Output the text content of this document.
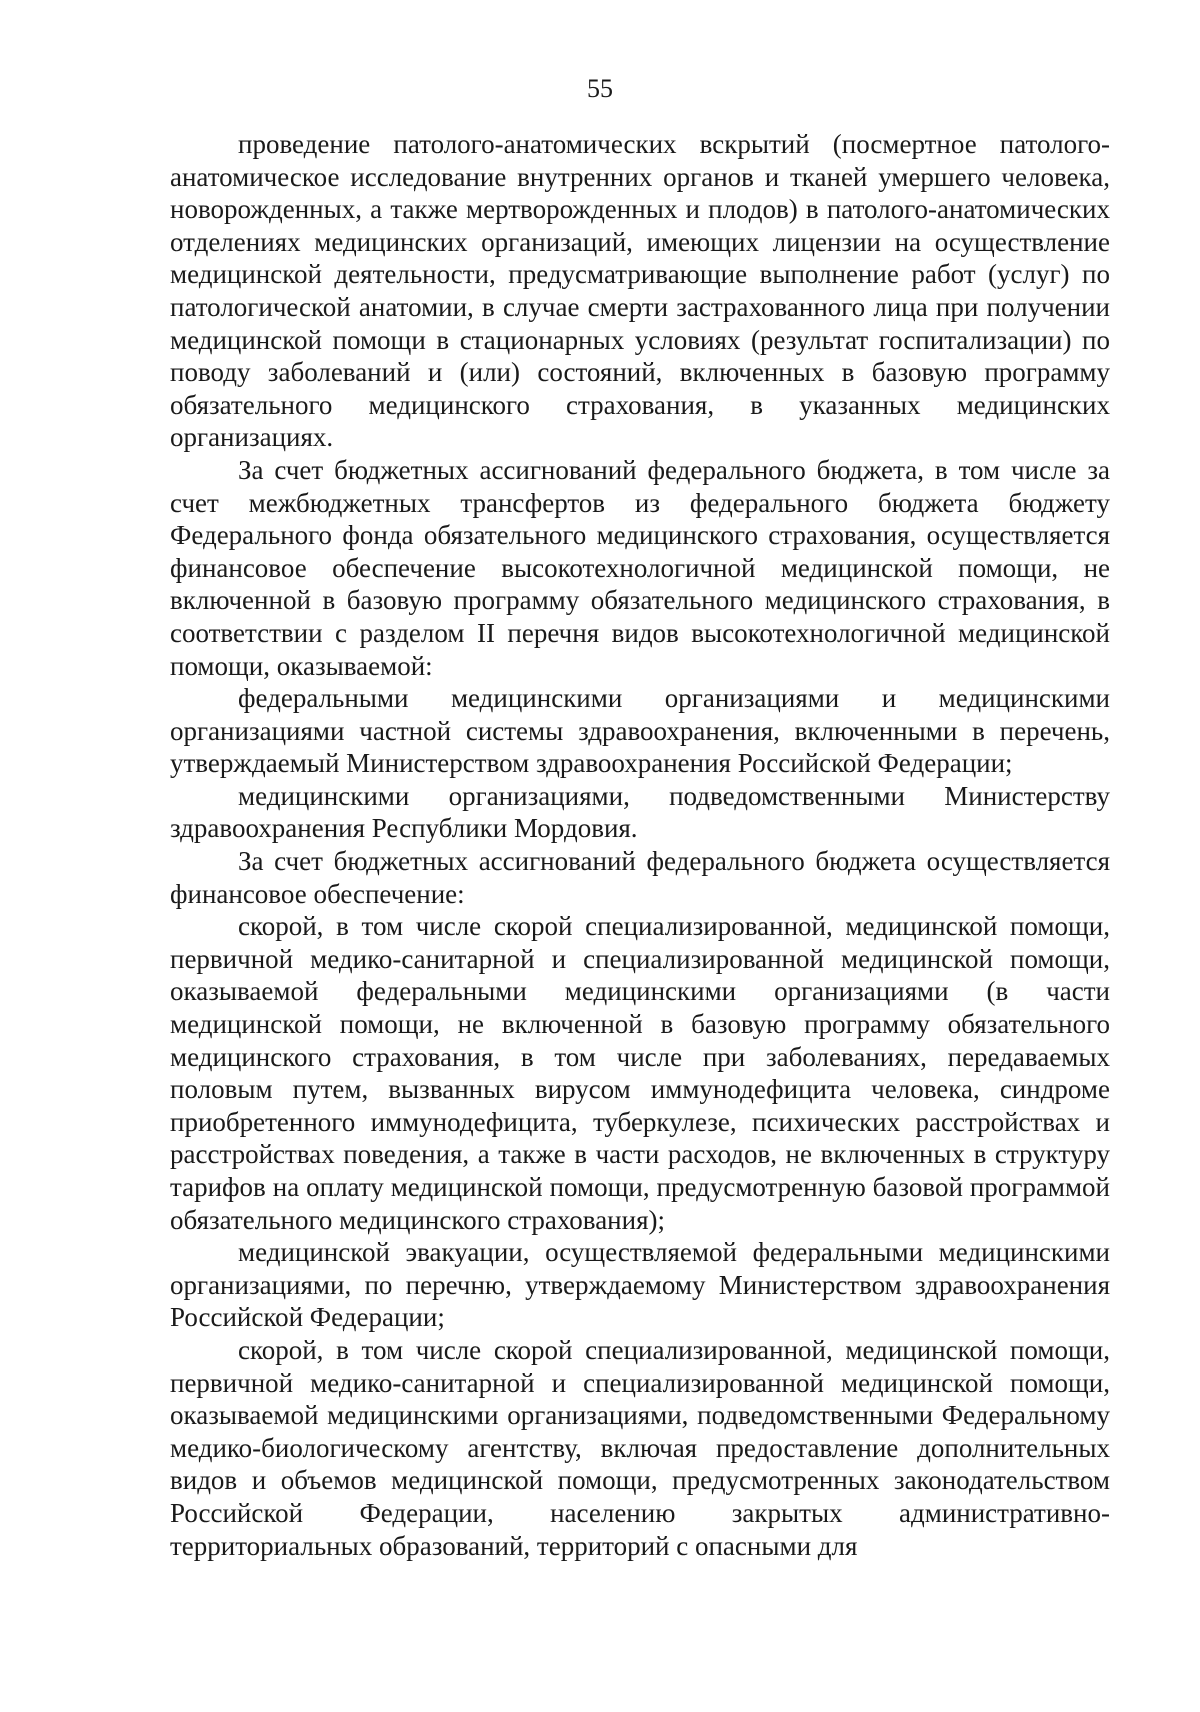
55

проведение патолого-анатомических вскрытий (посмертное патолого-анатомическое исследование внутренних органов и тканей умершего человека, новорожденных, а также мертворожденных и плодов) в патолого-анатомических отделениях медицинских организаций, имеющих лицензии на осуществление медицинской деятельности, предусматривающие выполнение работ (услуг) по патологической анатомии, в случае смерти застрахованного лица при получении медицинской помощи в стационарных условиях (результат госпитализации) по поводу заболеваний и (или) состояний, включенных в базовую программу обязательного медицинского страхования, в указанных медицинских организациях.

За счет бюджетных ассигнований федерального бюджета, в том числе за счет межбюджетных трансфертов из федерального бюджета бюджету Федерального фонда обязательного медицинского страхования, осуществляется финансовое обеспечение высокотехнологичной медицинской помощи, не включенной в базовую программу обязательного медицинского страхования, в соответствии с разделом II перечня видов высокотехнологичной медицинской помощи, оказываемой:

федеральными медицинскими организациями и медицинскими организациями частной системы здравоохранения, включенными в перечень, утверждаемый Министерством здравоохранения Российской Федерации;

медицинскими организациями, подведомственными Министерству здравоохранения Республики Мордовия.

За счет бюджетных ассигнований федерального бюджета осуществляется финансовое обеспечение:

скорой, в том числе скорой специализированной, медицинской помощи, первичной медико-санитарной и специализированной медицинской помощи, оказываемой федеральными медицинскими организациями (в части медицинской помощи, не включенной в базовую программу обязательного медицинского страхования, в том числе при заболеваниях, передаваемых половым путем, вызванных вирусом иммунодефицита человека, синдроме приобретенного иммунодефицита, туберкулезе, психических расстройствах и расстройствах поведения, а также в части расходов, не включенных в структуру тарифов на оплату медицинской помощи, предусмотренную базовой программой обязательного медицинского страхования);

медицинской эвакуации, осуществляемой федеральными медицинскими организациями, по перечню, утверждаемому Министерством здравоохранения Российской Федерации;

скорой, в том числе скорой специализированной, медицинской помощи, первичной медико-санитарной и специализированной медицинской помощи, оказываемой медицинскими организациями, подведомственными Федеральному медико-биологическому агентству, включая предоставление дополнительных видов и объемов медицинской помощи, предусмотренных законодательством Российской Федерации, населению закрытых административно-территориальных образований, территорий с опасными для
